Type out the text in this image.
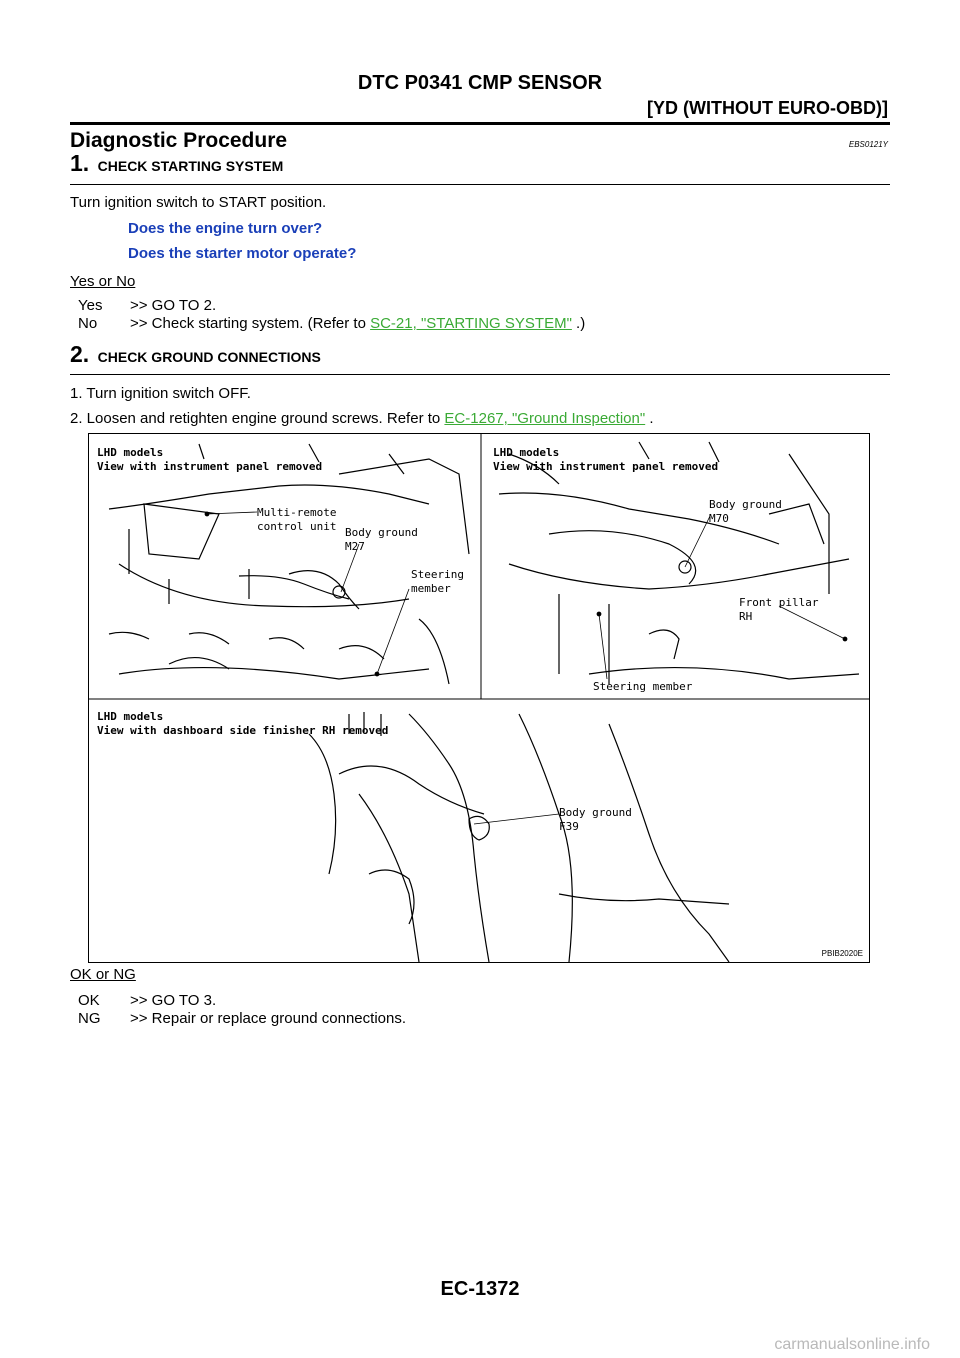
DTC P0341 CMP SENSOR
[YD (WITHOUT EURO-OBD)]
Diagnostic Procedure	EBS0121Y
1. CHECK STARTING SYSTEM
Turn ignition switch to START position.
Does the engine turn over?
Does the starter motor operate?
Yes or No
Yes >> GO TO 2.
No >> Check starting system. (Refer to SC-21, "STARTING SYSTEM" .)
2. CHECK GROUND CONNECTIONS
1. Turn ignition switch OFF.
2. Loosen and retighten engine ground screws. Refer to EC-1267, "Ground Inspection" .
LHD models
View with instrument panel removed
Multi-remote
control unit Body ground
M27
Steering
member
LHD models
View with instrument panel removed
Body ground
M70
Front pillar
RH
Steering member
LHD models
View with dashboard side finisher RH removed
Body ground
F39
PBIB2020E
OK or NG
OK >> GO TO 3.
NG >> Repair or replace ground connections.
EC-1372
carmanualsonline.info
